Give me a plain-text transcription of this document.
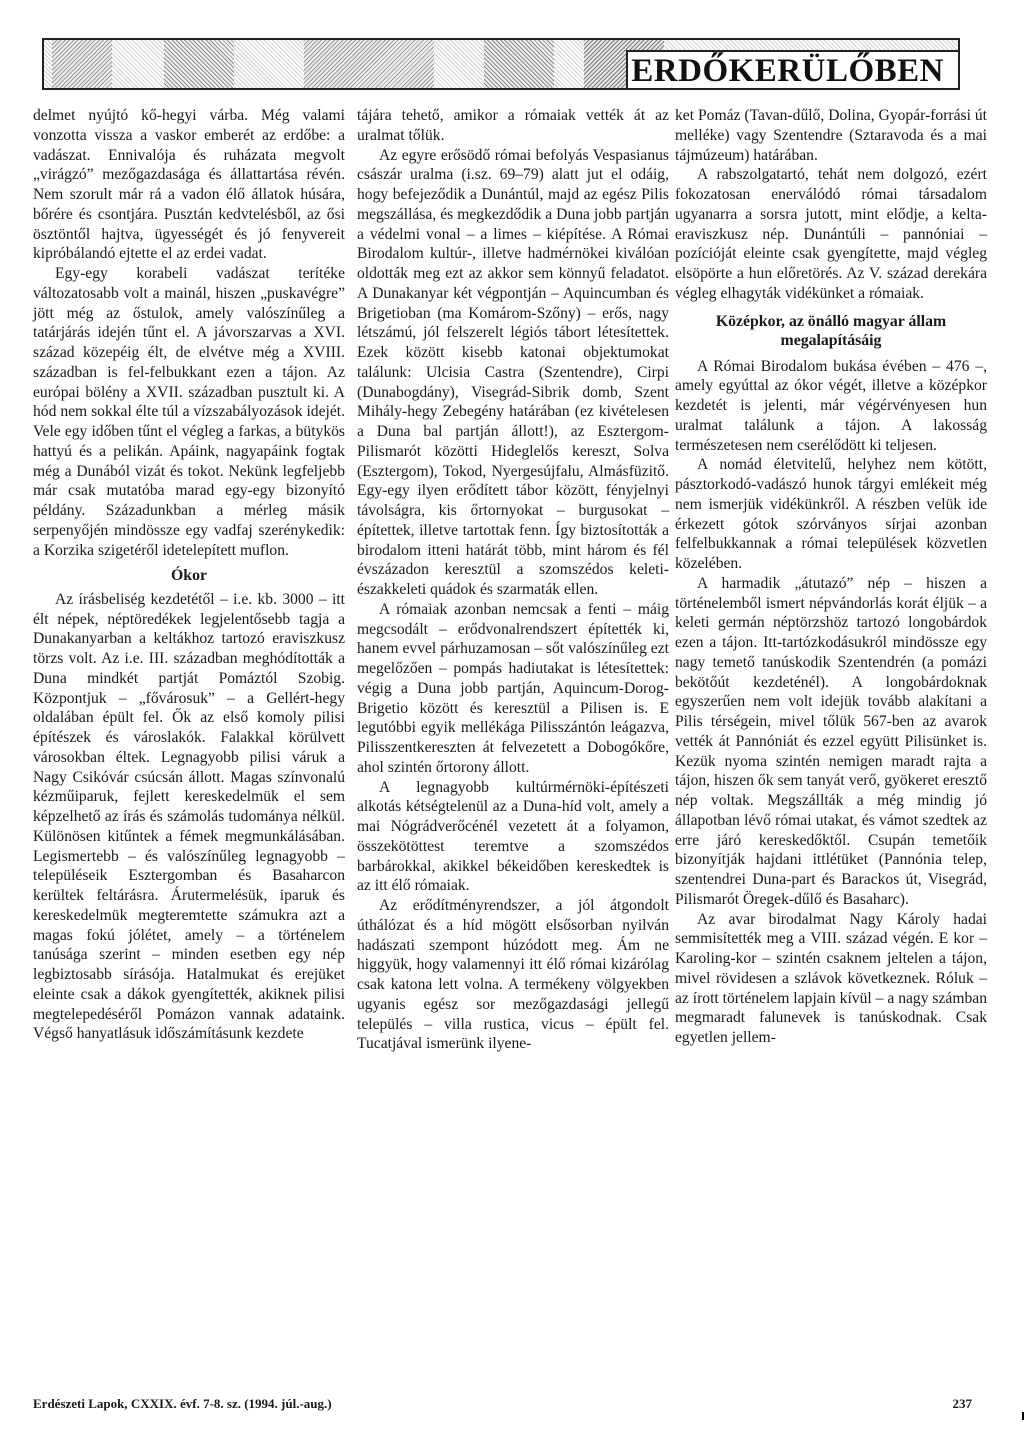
ERDŐKERÜLŐBEN

delmet nyújtó kő-hegyi várba. Még valami vonzotta vissza a vaskor emberét az erdőbe: a vadászat. Ennivalója és ruházata megvolt „virágzó” mezőgazdasága és állattartása révén. Nem szorult már rá a vadon élő állatok húsára, bőrére és csontjára. Pusztán kedvtelésből, az ősi ösztöntől hajtva, ügyességét és jó fenyvereit kipróbálandó ejtette el az erdei vadat.

Egy-egy korabeli vadászat terítéke változatosabb volt a mainál, hiszen „puskavégre” jött még az őstulok, amely valószínűleg a tatárjárás idején tűnt el. A jávorszarvas a XVI. század közepéig élt, de elvétve még a XVIII. században is fel-felbukkant ezen a tájon. Az európai bölény a XVII. században pusztult ki. A hód nem sokkal élte túl a vízszabályozások idejét. Vele egy időben tűnt el végleg a farkas, a bütykös hattyú és a pelikán. Apáink, nagyapáink fogtak még a Dunából vizát és tokot. Nekünk legfeljebb már csak mutatóba marad egy-egy bizonyító példány. Századunkban a mérleg másik serpenyőjén mindössze egy vadfaj szerénykedik: a Korzika szigetéről idetelepített muflon.

Ókor

Az írásbeliség kezdetétől – i.e. kb. 3000 – itt élt népek, néptöredékek legjelentősebb tagja a Dunakanyarban a keltákhoz tartozó eraviszkusz törzs volt. Az i.e. III. században meghódították a Duna mindkét partját Pomáztól Szobig. Központjuk – „fővárosuk” – a Gellért-hegy oldalában épült fel. Ők az első komoly pilisi építészek és városlakók. Falakkal körülvett városokban éltek. Legnagyobb pilisi váruk a Nagy Csikóvár csúcsán állott. Magas színvonalú kézműiparuk, fejlett kereskedelmük el sem képzelhető az írás és számolás tudománya nélkül. Különösen kitűntek a fémek megmunkálásában. Legismertebb – és valószínűleg legnagyobb – településeik Esztergomban és Basaharcon kerültek feltárásra. Árutermelésük, iparuk és kereskedelmük megteremtette számukra azt a magas fokú jólétet, amely – a történelem tanúsága szerint – minden esetben egy nép legbiztosabb sírásója. Hatalmukat és erejüket eleinte csak a dákok gyengítették, akiknek pilisi megtelepedéséről Pomázon vannak adataink. Végső hanyatlásuk időszámításunk kezdete

tájára tehető, amikor a rómaiak vették át az uralmat tőlük.

Az egyre erősödő római befolyás Vespasianus császár uralma (i.sz. 69–79) alatt jut el odáig, hogy befejeződik a Dunántúl, majd az egész Pilis megszállása, és megkezdődik a Duna jobb partján a védelmi vonal – a limes – kiépítése. A Római Birodalom kultúr-, illetve hadmérnökei kiválóan oldották meg ezt az akkor sem könnyű feladatot. A Dunakanyar két végpontján – Aquincumban és Brigetioban (ma Komárom-Szőny) – erős, nagy létszámú, jól felszerelt légiós tábort létesítettek. Ezek között kisebb katonai objektumokat találunk: Ulcisia Castra (Szentendre), Cirpi (Dunabogdány), Visegrád-Sibrik domb, Szent Mihály-hegy Zebegény határában (ez kivételesen a Duna bal partján állott!), az Esztergom-Pilismarót közötti Hideglelős kereszt, Solva (Esztergom), Tokod, Nyergesújfalu, Almásfüzitő. Egy-egy ilyen erődített tábor között, fényjelnyi távolságra, kis őrtornyokat – burgusokat – építettek, illetve tartottak fenn. Így biztosították a birodalom itteni határát több, mint három és fél évszázadon keresztül a szomszédos keleti-északkeleti quádok és szarmaták ellen.

A rómaiak azonban nemcsak a fenti – máig megcsodált – erődvonalrendszert építették ki, hanem evvel párhuzamosan – sőt valószínűleg ezt megelőzően – pompás hadiutakat is létesítettek: végig a Duna jobb partján, Aquincum-Dorog-Brigetio között és keresztül a Pilisen is. E legutóbbi egyik mellékága Pilisszántón leágazva, Pilisszentkereszten át felvezetett a Dobogókőre, ahol szintén őrtorony állott.

A legnagyobb kultúrmérnöki-építészeti alkotás kétségtelenül az a Duna-híd volt, amely a mai Nógrádverőcénél vezetett át a folyamon, összekötöttest teremtve a szomszédos barbárokkal, akikkel békeidőben kereskedtek is az itt élő rómaiak.

Az erődítményrendszer, a jól átgondolt úthálózat és a híd mögött elsősorban nyilván hadászati szempont húzódott meg. Ám ne higgyük, hogy valamennyi itt élő római kizárólag csak katona lett volna. A termékeny völgyekben ugyanis egész sor mezőgazdasági jellegű település – villa rustica, vicus – épült fel. Tucatjával ismerünk ilyene-

ket Pomáz (Tavan-dűlő, Dolina, Gyopár-forrási út melléke) vagy Szentendre (Sztaravoda és a mai tájmúzeum) határában.

A rabszolgatartó, tehát nem dolgozó, ezért fokozatosan enerválódó római társadalom ugyanarra a sorsra jutott, mint elődje, a kelta-eraviszkusz nép. Dunántúli – pannóniai – pozícióját eleinte csak gyengítette, majd végleg elsöpörte a hun előretörés. Az V. század derekára végleg elhagyták vidékünket a rómaiak.

Középkor, az önálló magyar állam megalapításáig

A Római Birodalom bukása évében – 476 –, amely egyúttal az ókor végét, illetve a középkor kezdetét is jelenti, már végérvényesen hun uralmat találunk a tájon. A lakosság természetesen nem cserélődött ki teljesen.

A nomád életvitelű, helyhez nem kötött, pásztorkodó-vadászó hunok tárgyi emlékeit még nem ismerjük vidékünkről. A részben velük ide érkezett gótok szórványos sírjai azonban felfelbukkannak a római települések közvetlen közelében.

A harmadik „átutazó” nép – hiszen a történelemből ismert népvándorlás korát éljük – a keleti germán néptörzshöz tartozó longobárdok ezen a tájon. Itt-tartózkodásukról mindössze egy nagy temető tanúskodik Szentendrén (a pomázi bekötőút kezdeténél). A longobárdoknak egyszerűen nem volt idejük tovább alakítani a Pilis térségein, mivel tőlük 567-ben az avarok vették át Pannóniát és ezzel együtt Pilisünket is. Kezük nyoma szintén nemigen maradt rajta a tájon, hiszen ők sem tanyát verő, gyökeret eresztő nép voltak. Megszállták a még mindig jó állapotban lévő római utakat, és vámot szedtek az erre járó kereskedőktől. Csupán temetőik bizonyítják hajdani ittlétüket (Pannónia telep, szentendrei Duna-part és Barackos út, Visegrád, Pilismarót Öregek-dűlő és Basaharc).

Az avar birodalmat Nagy Károly hadai semmisítették meg a VIII. század végén. E kor – Karoling-kor – szintén csaknem jeltelen a tájon, mivel rövidesen a szlávok következnek. Róluk – az írott történelem lapjain kívül – a nagy számban megmaradt falunevek is tanúskodnak. Csak egyetlen jellem-

Erdészeti Lapok, CXXIX. évf. 7-8. sz. (1994. júl.-aug.)	237
